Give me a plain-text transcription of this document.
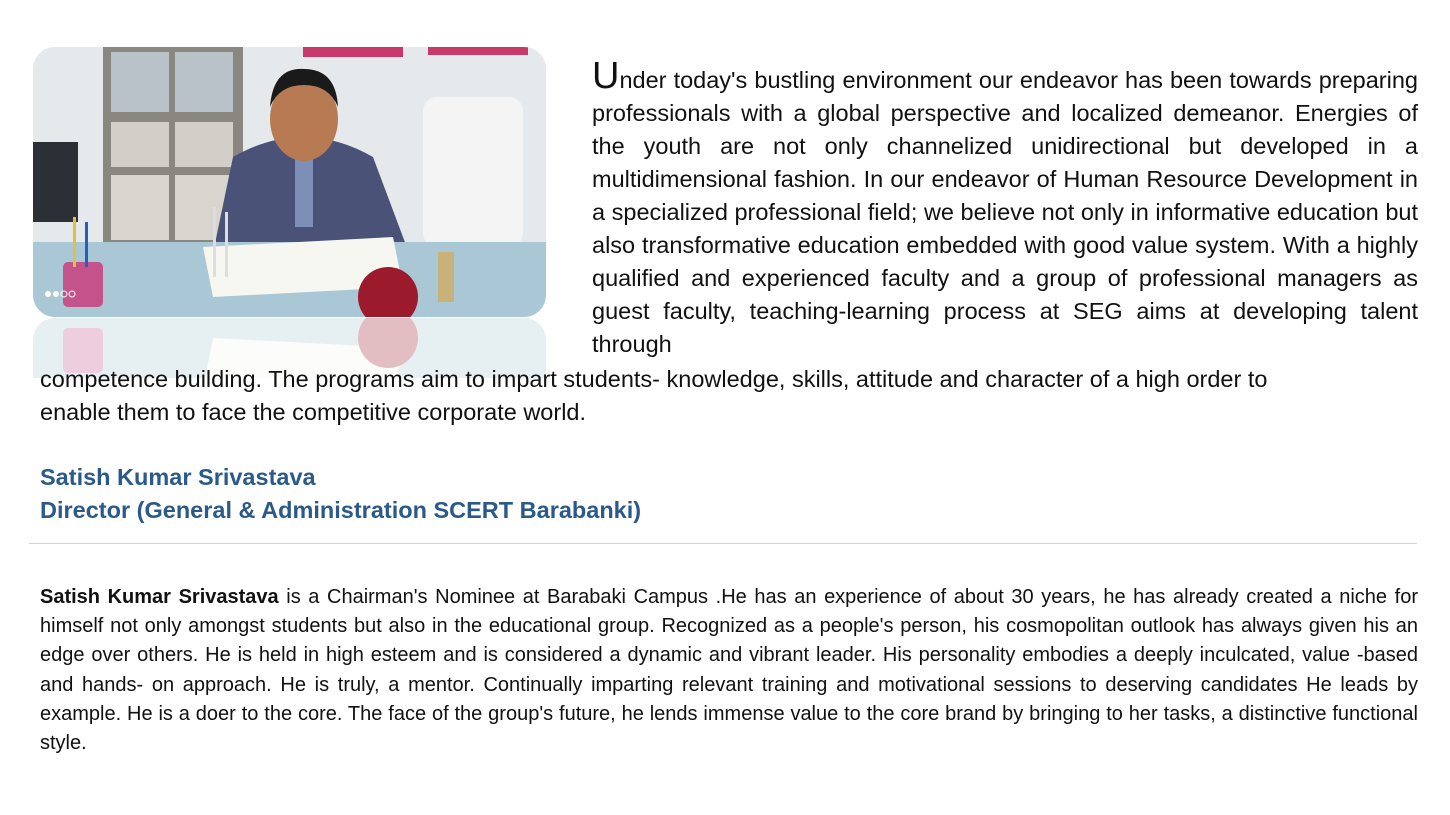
Under today's bustling environment our endeavor has been towards preparing professionals with a global perspective and localized demeanor. Energies of the youth are not only channelized unidirectional but developed in a multidimensional fashion. In our endeavor of Human Resource Development in a specialized professional field; we believe not only in informative education but also transformative education embedded with good value system. With a highly qualified and experienced faculty and a group of professional managers as guest faculty, teaching-learning process at SEG aims at developing talent through
competence building. The programs aim to impart students- knowledge, skills, attitude and character of a high order to
enable them to face the competitive corporate world.
Satish Kumar Srivastava
Director (General & Administration SCERT Barabanki)
Satish Kumar Srivastava is a Chairman's Nominee at Barabaki Campus .He has an experience of about 30 years, he has already created a niche for himself not only amongst students but also in the educational group. Recognized as a people's person, his cosmopolitan outlook has always given his an edge over others. He is held in high esteem and is considered a dynamic and vibrant leader. His personality embodies a deeply inculcated, value -based and hands- on approach. He is truly, a mentor. Continually imparting relevant training and motivational sessions to deserving candidates He leads by example. He is a doer to the core. The face of the group's future, he lends immense value to the core brand by bringing to her tasks, a distinctive functional style.
